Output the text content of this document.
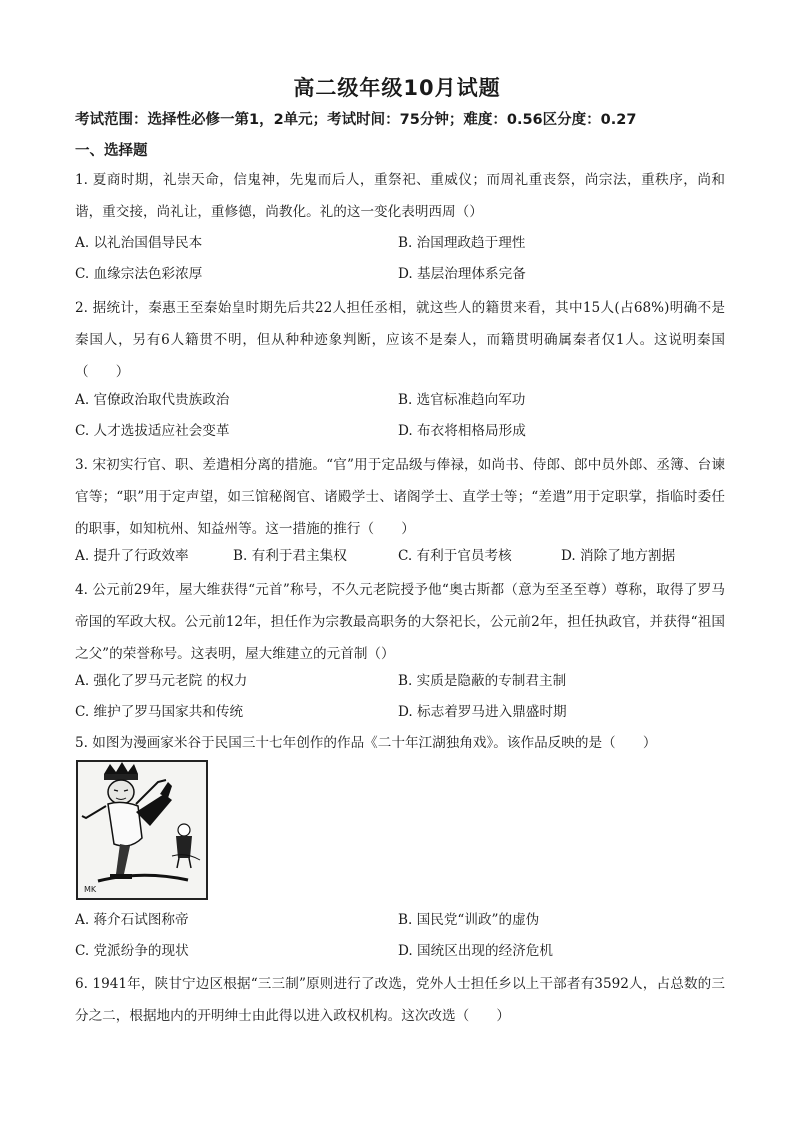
高二级年级10月试题
考试范围：选择性必修一第1，2单元；考试时间：75分钟；难度：0.56区分度：0.27
一、选择题
1. 夏商时期，礼崇天命，信鬼神，先鬼而后人，重祭祀、重威仪；而周礼重丧祭，尚宗法，重秩序，尚和谐，重交接，尚礼让，重修德，尚教化。礼的这一变化表明西周（）
A. 以礼治国倡导民本	B. 治国理政趋于理性
C. 血缘宗法色彩浓厚	D. 基层治理体系完备
2. 据统计，秦惠王至秦始皇时期先后共22人担任丞相，就这些人的籍贯来看，其中15人(占68%)明确不是秦国人，另有6人籍贯不明，但从种种迹象判断，应该不是秦人，而籍贯明确属秦者仅1人。这说明秦国（　　）
A. 官僚政治取代贵族政治	B. 选官标准趋向军功
C. 人才选拔适应社会变革	D. 布衣将相格局形成
3. 宋初实行官、职、差遣相分离的措施。“官”用于定品级与俸禄，如尚书、侍郎、郎中员外郎、丞簿、台谏官等；“职”用于定声望，如三馆秘阁官、诸殿学士、诸阁学士、直学士等；“差遣”用于定职掌，指临时委任的职事，如知杭州、知益州等。这一措施的推行（　　）
A. 提升了行政效率	B. 有利于君主集权	C. 有利于官员考核	D. 消除了地方割据
4. 公元前29年，屋大维获得“元首”称号，不久元老院授予他“奥古斯都（意为至圣至尊）尊称，取得了罗马帝国的军政大权。公元前12年，担任作为宗教最高职务的大祭祀长，公元前2年，担任执政官，并获得“祖国之父”的荣誉称号。这表明，屋大维建立的元首制（）
A. 强化了罗马元老院 的权力	B. 实质是隐蔽的专制君主制
C. 维护了罗马国家共和传统	D. 标志着罗马进入鼎盛时期
5. 如图为漫画家米谷于民国三十七年创作的作品《二十年江湖独角戏》。该作品反映的是（　　）
MK
A. 蒋介石试图称帝	B. 国民党“训政”的虚伪
C. 党派纷争的现状	D. 国统区出现的经济危机
6. 1941年，陕甘宁边区根据“三三制”原则进行了改选，党外人士担任乡以上干部者有3592人，占总数的三分之二，根据地内的开明绅士由此得以进入政权机构。这次改选（　　）
